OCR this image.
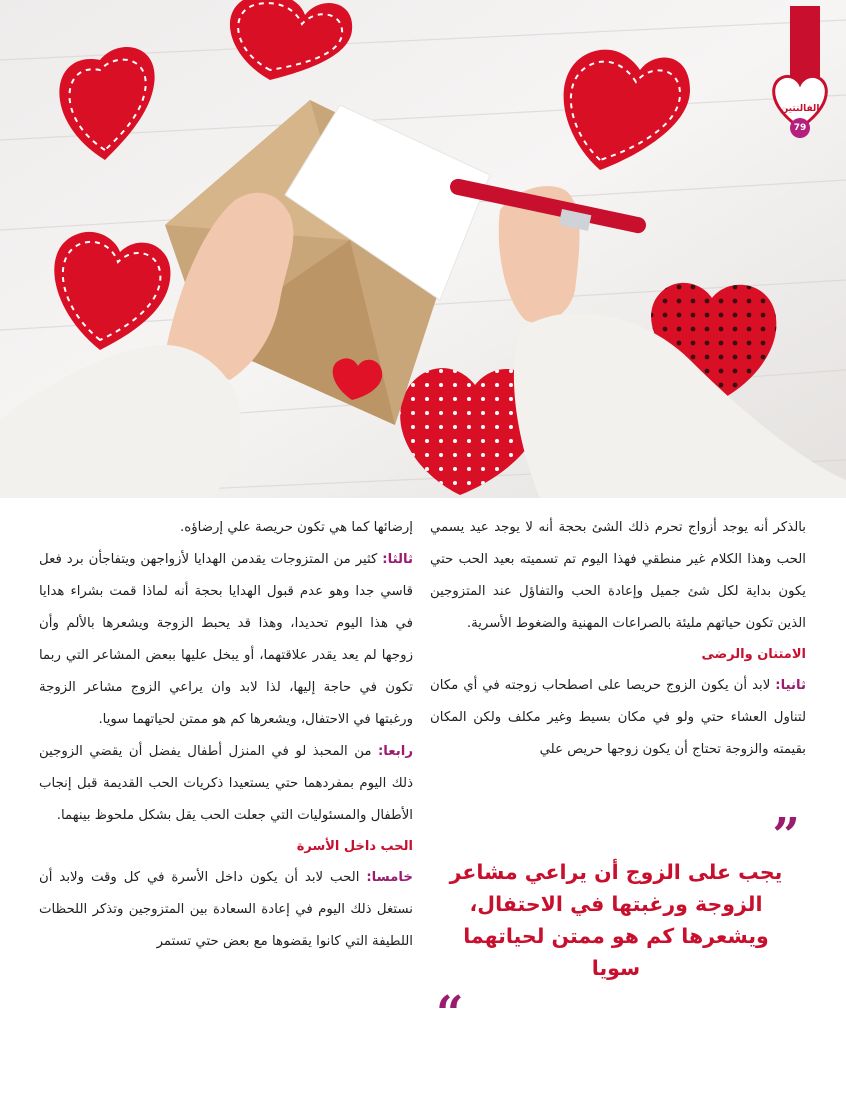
الفالنتين
79

بالذكر أنه يوجد أزواج تحرم ذلك الشئ بحجة أنه لا يوجد عيد يسمي الحب وهذا الكلام غير منطقي فهذا اليوم تم تسميته بعيد الحب حتي يكون بداية لكل شئ جميل وإعادة الحب والتفاؤل عند المتزوجين الذين تكون حياتهم مليئة بالصراعات المهنية والضغوط الأسرية.

الامتنان والرضى

ثانيا: لابد أن يكون الزوج حريصا على اصطحاب زوجته في أي مكان لتناول العشاء حتي ولو في مكان بسيط وغير مكلف ولكن المكان بقيمته والزوجة تحتاج أن يكون زوجها حريص علي

”
يجب على الزوج أن يراعي مشاعر الزوجة ورغبتها في الاحتفال، ويشعرها كم هو ممتن لحياتهما سويا
“

إرضائها كما هي تكون حريصة علي إرضاؤه.

ثالثا: كثير من المتزوجات يقدمن الهدايا لأزواجهن ويتفاجأن برد فعل قاسي جدا وهو عدم قبول الهدايا بحجة أنه لماذا قمت بشراء هدايا في هذا اليوم تحديدا، وهذا قد يحبط الزوجة ويشعرها بالألم وأن زوجها لم يعد يقدر علاقتهما، أو يبخل عليها ببعض المشاعر التي ربما تكون في حاجة إليها، لذا لابد وان يراعي الزوج مشاعر الزوجة ورغبتها في الاحتفال، ويشعرها كم هو ممتن لحياتهما سويا.

رابعا: من المحبذ لو في المنزل أطفال يفضل أن يقضي الزوجين ذلك اليوم بمفردهما حتي يستعيدا ذكريات الحب القديمة قبل إنجاب الأطفال والمسئوليات التي جعلت الحب يقل بشكل ملحوظ بينهما.

الحب داخل الأسرة

خامسا: الحب لابد أن يكون داخل الأسرة في كل وقت ولابد أن نستغل ذلك اليوم في إعادة السعادة بين المتزوجين وتذكر اللحظات اللطيفة التي كانوا يقضوها مع بعض حتي تستمر
